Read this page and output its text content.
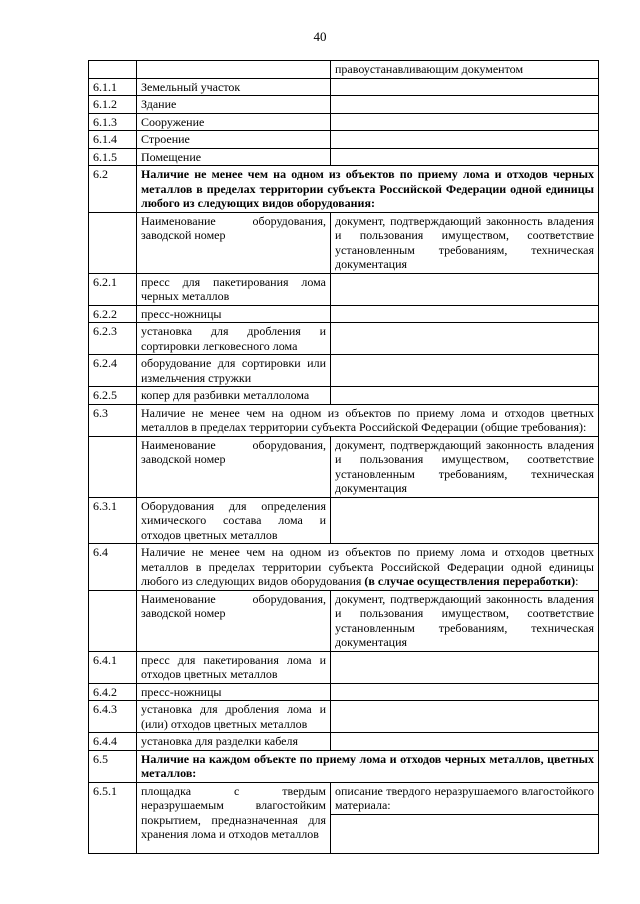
40
		правоустанавливающим документом
6.1.1	Земельный участок	
6.1.2	Здание	
6.1.3	Сооружение	
6.1.4	Строение	
6.1.5	Помещение	
6.2	Наличие не менее чем на одном из объектов по приему лома и отходов черных металлов в пределах территории субъекта Российской Федерации одной единицы любого из следующих видов оборудования:	
	Наименование оборудования, заводской номер	документ, подтверждающий законность владения и пользования имуществом, соответствие установленным требованиям, техническая документация
6.2.1	пресс для пакетирования лома черных металлов	
6.2.2	пресс-ножницы	
6.2.3	установка для дробления и сортировки легковесного лома	
6.2.4	оборудование для сортировки или измельчения стружки	
6.2.5	копер для разбивки металлолома	
6.3	Наличие не менее чем на одном из объектов по приему лома и отходов цветных металлов в пределах территории субъекта Российской Федерации (общие требования):	
	Наименование оборудования, заводской номер	документ, подтверждающий законность владения и пользования имуществом, соответствие установленным требованиям, техническая документация
6.3.1	Оборудования для определения химического состава лома и отходов цветных металлов	
6.4	Наличие не менее чем на одном из объектов по приему лома и отходов цветных металлов в пределах территории субъекта Российской Федерации одной единицы любого из следующих видов оборудования (в случае осуществления переработки):	
	Наименование оборудования, заводской номер	документ, подтверждающий законность владения и пользования имуществом, соответствие установленным требованиям, техническая документация
6.4.1	пресс для пакетирования лома и отходов цветных металлов	
6.4.2	пресс-ножницы	
6.4.3	установка для дробления лома и (или) отходов цветных металлов	
6.4.4	установка для разделки кабеля	
6.5	Наличие на каждом объекте по приему лома и отходов черных металлов, цветных металлов:	
6.5.1	площадка с твердым неразрушаемым влагостойким покрытием, предназначенная для хранения лома и отходов металлов	описание твердого неразрушаемого влагостойкого материала:
